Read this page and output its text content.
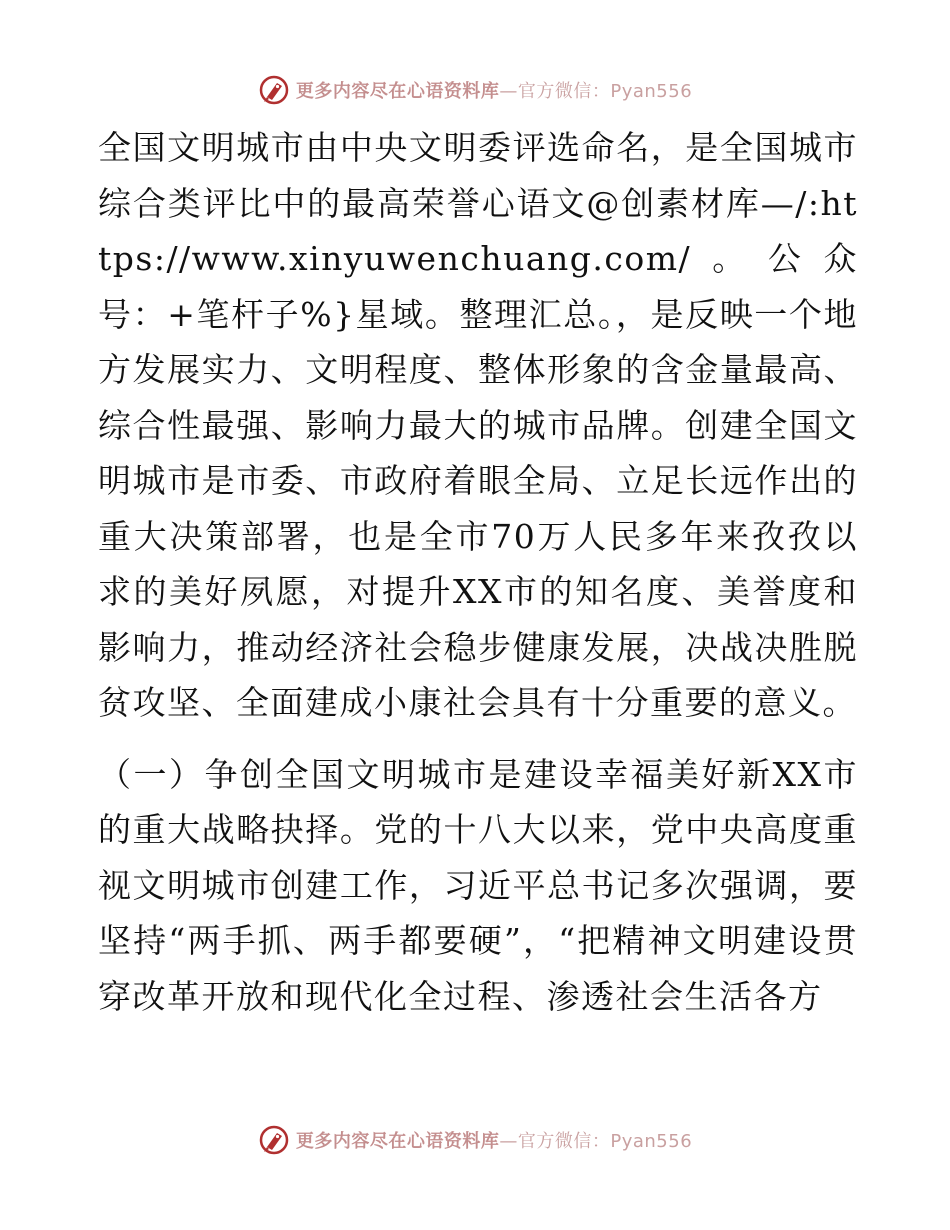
更多内容尽在心语资料库—官方微信：Pyan556

全国文明城市由中央文明委评选命名，是全国城市综合类评比中的最高荣誉心语文@创素材库—/:https://www.xinyuwenchuang.com/。公众号：+笔杆子%}星域。整理汇总。，是反映一个地方发展实力、文明程度、整体形象的含金量最高、综合性最强、影响力最大的城市品牌。创建全国文明城市是市委、市政府着眼全局、立足长远作出的重大决策部署，也是全市70万人民多年来孜孜以求的美好夙愿，对提升XX市的知名度、美誉度和影响力，推动经济社会稳步健康发展，决战决胜脱贫攻坚、全面建成小康社会具有十分重要的意义。

（一）争创全国文明城市是建设幸福美好新XX市的重大战略抉择。党的十八大以来，党中央高度重视文明城市创建工作，习近平总书记多次强调，要坚持“两手抓、两手都要硬”，“把精神文明建设贯穿改革开放和现代化全过程、渗透社会生活各方

更多内容尽在心语资料库—官方微信：Pyan556
